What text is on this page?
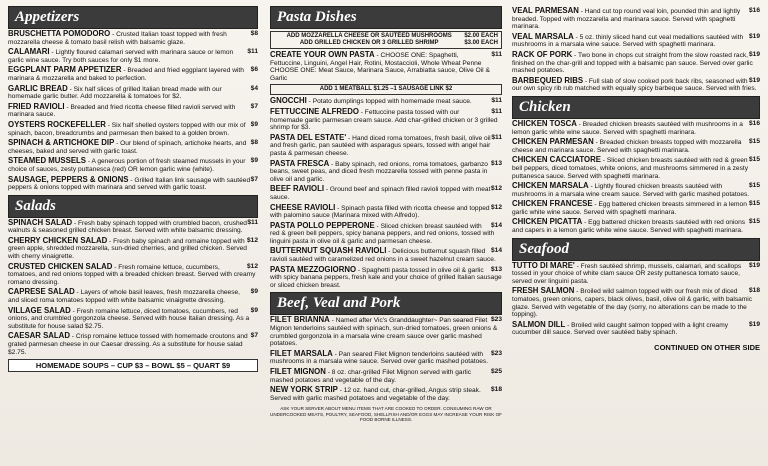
Appetizers
$8
BRUSCHETTA POMODORO - Crusted Italian toast topped with fresh mozzarella cheese & tomato basil relish with balsamic glaze.
$11
CALAMARI - Lightly floured calamari served with marinara sauce or lemon garlic wine sauce. Try both sauces for only $1 more.
$6
EGGPLANT PARM APPETIZER - Breaded and fried eggplant layered with marinara & mozzarella and baked to perfection.
$4
GARLIC BREAD - Six half slices of grilled Italian bread made with our homemade garlic butter. Add mozzarella & tomatoes for $2.
$7
FRIED RAVIOLI - Breaded and fried ricotta cheese filled ravioli served with marinara sauce.
$9
OYSTERS ROCKEFELLER - Six half shelled oysters topped with our mix of spinach, bacon, breadcrumbs and parmesan then baked to a golden brown.
$8
SPINACH & ARTICHOKE DIP - Our blend of spinach, artichoke hearts, and cheeses, baked and served with garlic toast.
$9
STEAMED MUSSELS - A generous portion of fresh steamed mussels in your choice of sauces, zesty puttanesca (red) OR lemon garlic wine (white).
$7
SAUSAGE, PEPPERS & ONIONS - Grilled Italian link sausage with sautéed peppers & onions topped with marinara and served with garlic toast.
Salads
$11
SPINACH SALAD - Fresh baby spinach topped with crumbled bacon, crushed walnuts & seasoned grilled chicken breast. Served with white balsamic dressing.
$12
CHERRY CHICKEN SALAD - Fresh baby spinach and romaine topped with green apple, shredded mozzarella, sun-dried cherries, and grilled chicken. Served with cherry vinaigrette.
$12
CRUSTED CHICKEN SALAD - Fresh romaine lettuce, cucumbers, tomatoes, and red onions topped with a breaded chicken breast. Served with creamy romano dressing.
$9
CAPRESE SALAD - Layers of whole basil leaves, fresh mozzarella cheese, and sliced roma tomatoes topped with white balsamic vinaigrette dressing.
$9
VILLAGE SALAD - Fresh romaine lettuce, diced tomatoes, cucumbers, red onions, and crumbled gorgonzola cheese. Served with house Italian dressing. As a substitute for house salad $2.75.
$7
CAESAR SALAD - Crisp romaine lettuce tossed with homemade croutons and grated parmesan cheese in our Caesar dressing. As a substitute for house salad $2.75.
HOMEMADE SOUPS – CUP $3 – BOWL $5 – QUART $9
Pasta Dishes
ADD MOZZARELLA CHEESE OR SAUTÉED MUSHROOMS $2.00 EACH
ADD GRILLED CHICKEN OR 3 GRILLED SHRIMP	$3.00 EACH
$11
CREATE YOUR OWN PASTA - CHOOSE ONE: Spaghetti, Fettuccine, Linguini, Angel Hair, Rotini, Mostaccioli, Whole Wheat Penne CHOOSE ONE: Meat Sauce, Marinara Sauce, Arrabiatta sauce, Olive Oil & Garlic
ADD 1 MEATBALL $1.25 –1 SAUSAGE LINK $2
$11
GNOCCHI - Potato dumplings topped with homemade meat sauce.
$11
FETTUCCINE ALFREDO - Fettuccine pasta tossed with our homemade garlic parmesan cream sauce. Add char-grilled chicken or 3 grilled shrimp for $3.
$11
PASTA DEL ESTATE' - Hand diced roma tomatoes, fresh basil, olive oil and fresh garlic, pan sautéed with asparagus spears, tossed with angel hair pasta & parmesan cheese.
$13
PASTA FRESCA - Baby spinach, red onions, roma tomatoes, garbanzo beans, sweet peas, and diced fresh mozzarella tossed with penne pasta in olive oil and garlic.
$12
BEEF RAVIOLI - Ground beef and spinach filled ravioli topped with meat sauce.
$12
CHEESE RAVIOLI - Spinach pasta filled with ricotta cheese and topped with palomino sauce (Marinara mixed with Alfredo).
$14
PASTA POLLO PEPPERONE - Sliced chicken breast sautéed with red & green bell peppers, spicy banana peppers, and red onions, tossed with linguini pasta in olive oil & garlic and parmesan cheese.
$14
BUTTERNUT SQUASH RAVIOLI - Delicious butternut squash filled ravioli sautéed with caramelized red onions in a sweet hazelnut cream sauce.
$13
PASTA MEZZOGIORNO - Spaghetti pasta tossed in olive oil & garlic with spicy banana peppers, fresh kale and your choice of grilled Italian sausage or sliced chicken breast.
Beef, Veal and Pork
$23
FILET BRIANNA - Named after Vic's Granddaughter~ Pan seared Filet Mignon tenderloins sautéed with spinach, sun-dried tomatoes, green onions & crumbled gorgonzola in a marsala wine cream sauce over garlic mashed potatoes.
$23
FILET MARSALA - Pan seared Filet Mignon tenderloins sautéed with mushrooms in a marsala wine sauce. Served over garlic mashed potatoes.
$25
FILET MIGNON - 8 oz. char-grilled Filet Mignon served with garlic mashed potatoes and vegetable of the day.
$18
NEW YORK STRIP - 12 oz. hand cut, char-grilled, Angus strip steak. Served with garlic mashed potatoes and vegetable of the day.
ASK YOUR SERVER ABOUT MENU ITEMS THAT ARE COOKED TO ORDER. CONSUMING RAW OR UNDERCOOKED MEATS, POULTRY, SEAFOOD, SHELLFISH AND/OR EGGS MAY INCREASE YOUR RISK OF FOOD BORNE ILLNESS.
$16
VEAL PARMESAN - Hand cut top round veal loin, pounded thin and lightly breaded. Topped with mozzarella and marinara sauce. Served with spaghetti marinara.
$19
VEAL MARSALA - 5 oz. thinly sliced hand cut veal medallions sautéed with mushrooms in a marsala wine sauce. Served with spaghetti marinara.
$19
RACK OF PORK - Two bone in chops cut straight from the slow roasted rack, finished on the char-grill and topped with a balsamic pan sauce. Served over garlic mashed potatoes.
$19
BARBEQUED RIBS - Full slab of slow cooked pork back ribs, seasoned with our own spicy rib rub matched with equally spicy barbeque sauce. Served with fries.
Chicken
$16
CHICKEN TOSCA - Breaded chicken breasts sautéed with mushrooms in a lemon garlic white wine sauce. Served with spaghetti marinara.
$15
CHICKEN PARMESAN - Breaded chicken breasts topped with mozzarella cheese and marinara sauce. Served with spaghetti marinara.
$15
CHICKEN CACCIATORE - Sliced chicken breasts sautéed with red & green bell peppers, diced tomatoes, white onions, and mushrooms simmered in a zesty puttanesca sauce. Served with spaghetti marinara.
$15
CHICKEN MARSALA - Lightly floured chicken breasts sautéed with mushrooms in a marsala wine cream sauce. Served with garlic mashed potatoes.
$15
CHICKEN FRANCESE - Egg battered chicken breasts simmered in a lemon garlic white wine sauce. Served with spaghetti marinara.
$15
CHICKEN PICATTA - Egg battered chicken breasts sautéed with red onions and capers in a lemon garlic white wine sauce. Served with spaghetti marinara.
Seafood
$19
TUTTO DI MARE' - Fresh sautéed shrimp, mussels, calamari, and scallops tossed in your choice of white clam sauce OR zesty puttanesca tomato sauce, served over linguini pasta.
$18
FRESH SALMON - Broiled wild salmon topped with our fresh mix of diced tomatoes, green onions, capers, black olives, basil, olive oil & garlic, with balsamic glaze. Served with vegetable of the day (sorry, no alterations can be made to the topping).
$19
SALMON DILL - Broiled wild caught salmon topped with a light creamy cucumber dill sauce. Served over sautéed baby spinach.
CONTINUED ON OTHER SIDE
